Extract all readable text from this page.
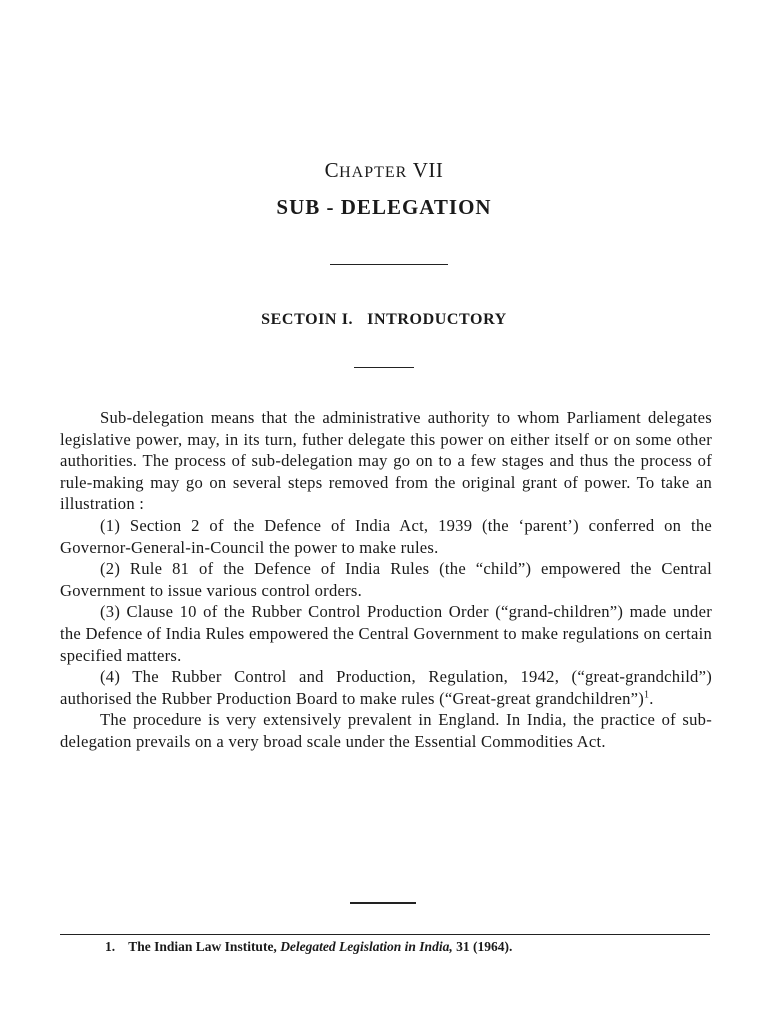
CHAPTER VII
SUB - DELEGATION
SECTOIN I. INTRODUCTORY

Sub-delegation means that the administrative authority to whom Parliament delegates legislative power, may, in its turn, futher delegate this power on either itself or on some other authorities. The process of sub-delegation may go on to a few stages and thus the process of rule-making may go on several steps removed from the original grant of power. To take an illustration :

(1) Section 2 of the Defence of India Act, 1939 (the ‘parent’) conferred on the Governor-General-in-Council the power to make rules.

(2) Rule 81 of the Defence of India Rules (the “child”) empowered the Central Government to issue various control orders.

(3) Clause 10 of the Rubber Control Production Order (“grand-children”) made under the Defence of India Rules empowered the Central Government to make regulations on certain specified matters.

(4) The Rubber Control and Production, Regulation, 1942, (“great-grandchild”) authorised the Rubber Production Board to make rules (“Great-great grandchildren”)$^1$.

The procedure is very extensively prevalent in England. In India, the practice of sub-delegation prevails on a very broad scale under the Essential Commodities Act.

1. The Indian Law Institute, Delegated Legislation in India, 31 (1964).
